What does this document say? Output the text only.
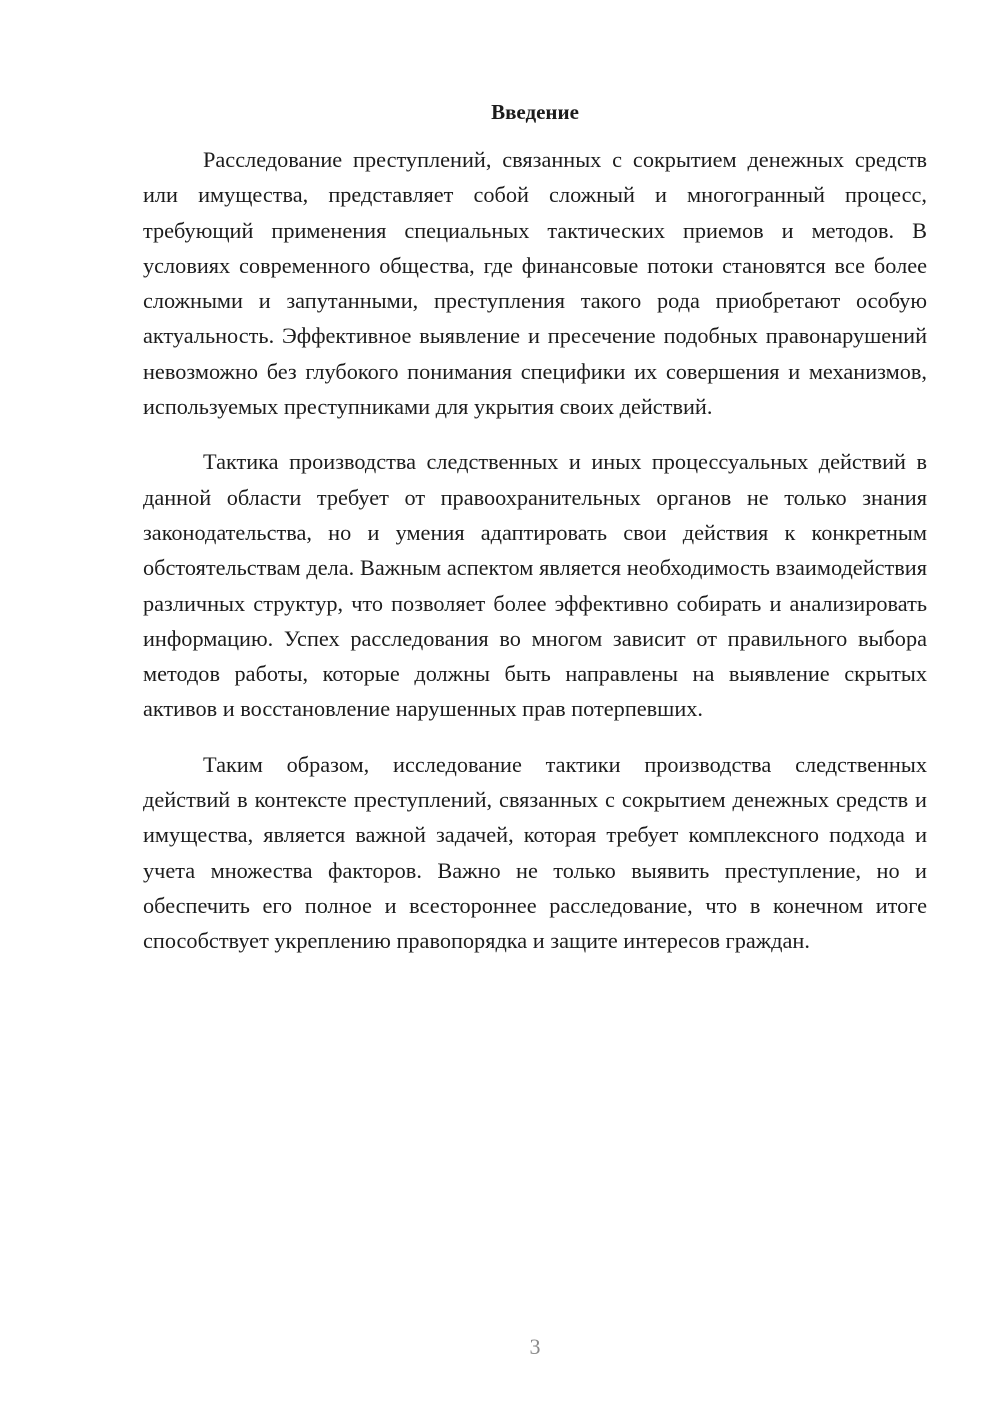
Введение

Расследование преступлений, связанных с сокрытием денежных средств или имущества, представляет собой сложный и многогранный процесс, требующий применения специальных тактических приемов и методов. В условиях современного общества, где финансовые потоки становятся все более сложными и запутанными, преступления такого рода приобретают особую актуальность. Эффективное выявление и пресечение подобных правонарушений невозможно без глубокого понимания специфики их совершения и механизмов, используемых преступниками для укрытия своих действий.

Тактика производства следственных и иных процессуальных действий в данной области требует от правоохранительных органов не только знания законодательства, но и умения адаптировать свои действия к конкретным обстоятельствам дела. Важным аспектом является необходимость взаимодействия различных структур, что позволяет более эффективно собирать и анализировать информацию. Успех расследования во многом зависит от правильного выбора методов работы, которые должны быть направлены на выявление скрытых активов и восстановление нарушенных прав потерпевших.

Таким образом, исследование тактики производства следственных действий в контексте преступлений, связанных с сокрытием денежных средств и имущества, является важной задачей, которая требует комплексного подхода и учета множества факторов. Важно не только выявить преступление, но и обеспечить его полное и всестороннее расследование, что в конечном итоге способствует укреплению правопорядка и защите интересов граждан.

3
